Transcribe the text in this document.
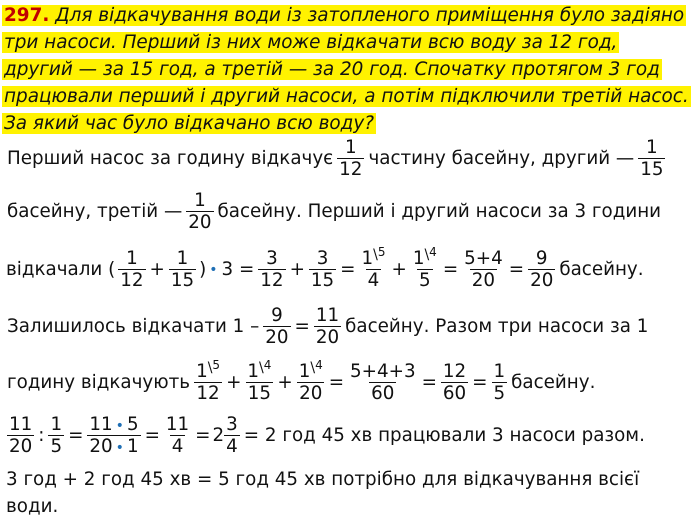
297. Для відкачування води із затопленого приміщення було задіяно
три насоси. Перший із них може відкачати всю воду за 12 год,
другий — за 15 год, а третій — за 20 год. Спочатку протягом 3 год
працювали перший і другий насоси, а потім підключили третій насос.
За який час було відкачано всю воду?
Перший насос за годину відкачує $\frac{1}{12}$ частину басейну, другий — $\frac{1}{15}$
басейну, третій — $\frac{1}{20}$ басейну. Перший і другий насоси за 3 години
відкачали ( $\frac{1}{12} + \frac{1}{15}$ ) • $3 = \frac{3}{12} + \frac{3}{15} = \frac{1^{\backslash 5}}{4} + \frac{1^{\backslash 4}}{5} = \frac{5+4}{20} = \frac{9}{20}$ басейну.
Залишилось відкачати $1 - \frac{9}{20} = \frac{11}{20}$ басейну. Разом три насоси за 1
годину відкачують $\frac{1^{\backslash 5}}{12} + \frac{1^{\backslash 4}}{15} + \frac{1^{\backslash 4}}{20} = \frac{5+4+3}{60} = \frac{12}{60} = \frac{1}{5}$ басейну.
$\frac{11}{20}$ : $\frac{1}{5} = \frac{11 • 5}{20 • 1} = \frac{11}{4} = 2 \frac{3}{4} = 2$ год 45 хв працювали 3 насоси разом.
3 год + 2 год 45 хв = 5 год 45 хв потрібно для відкачування всієї
води.
